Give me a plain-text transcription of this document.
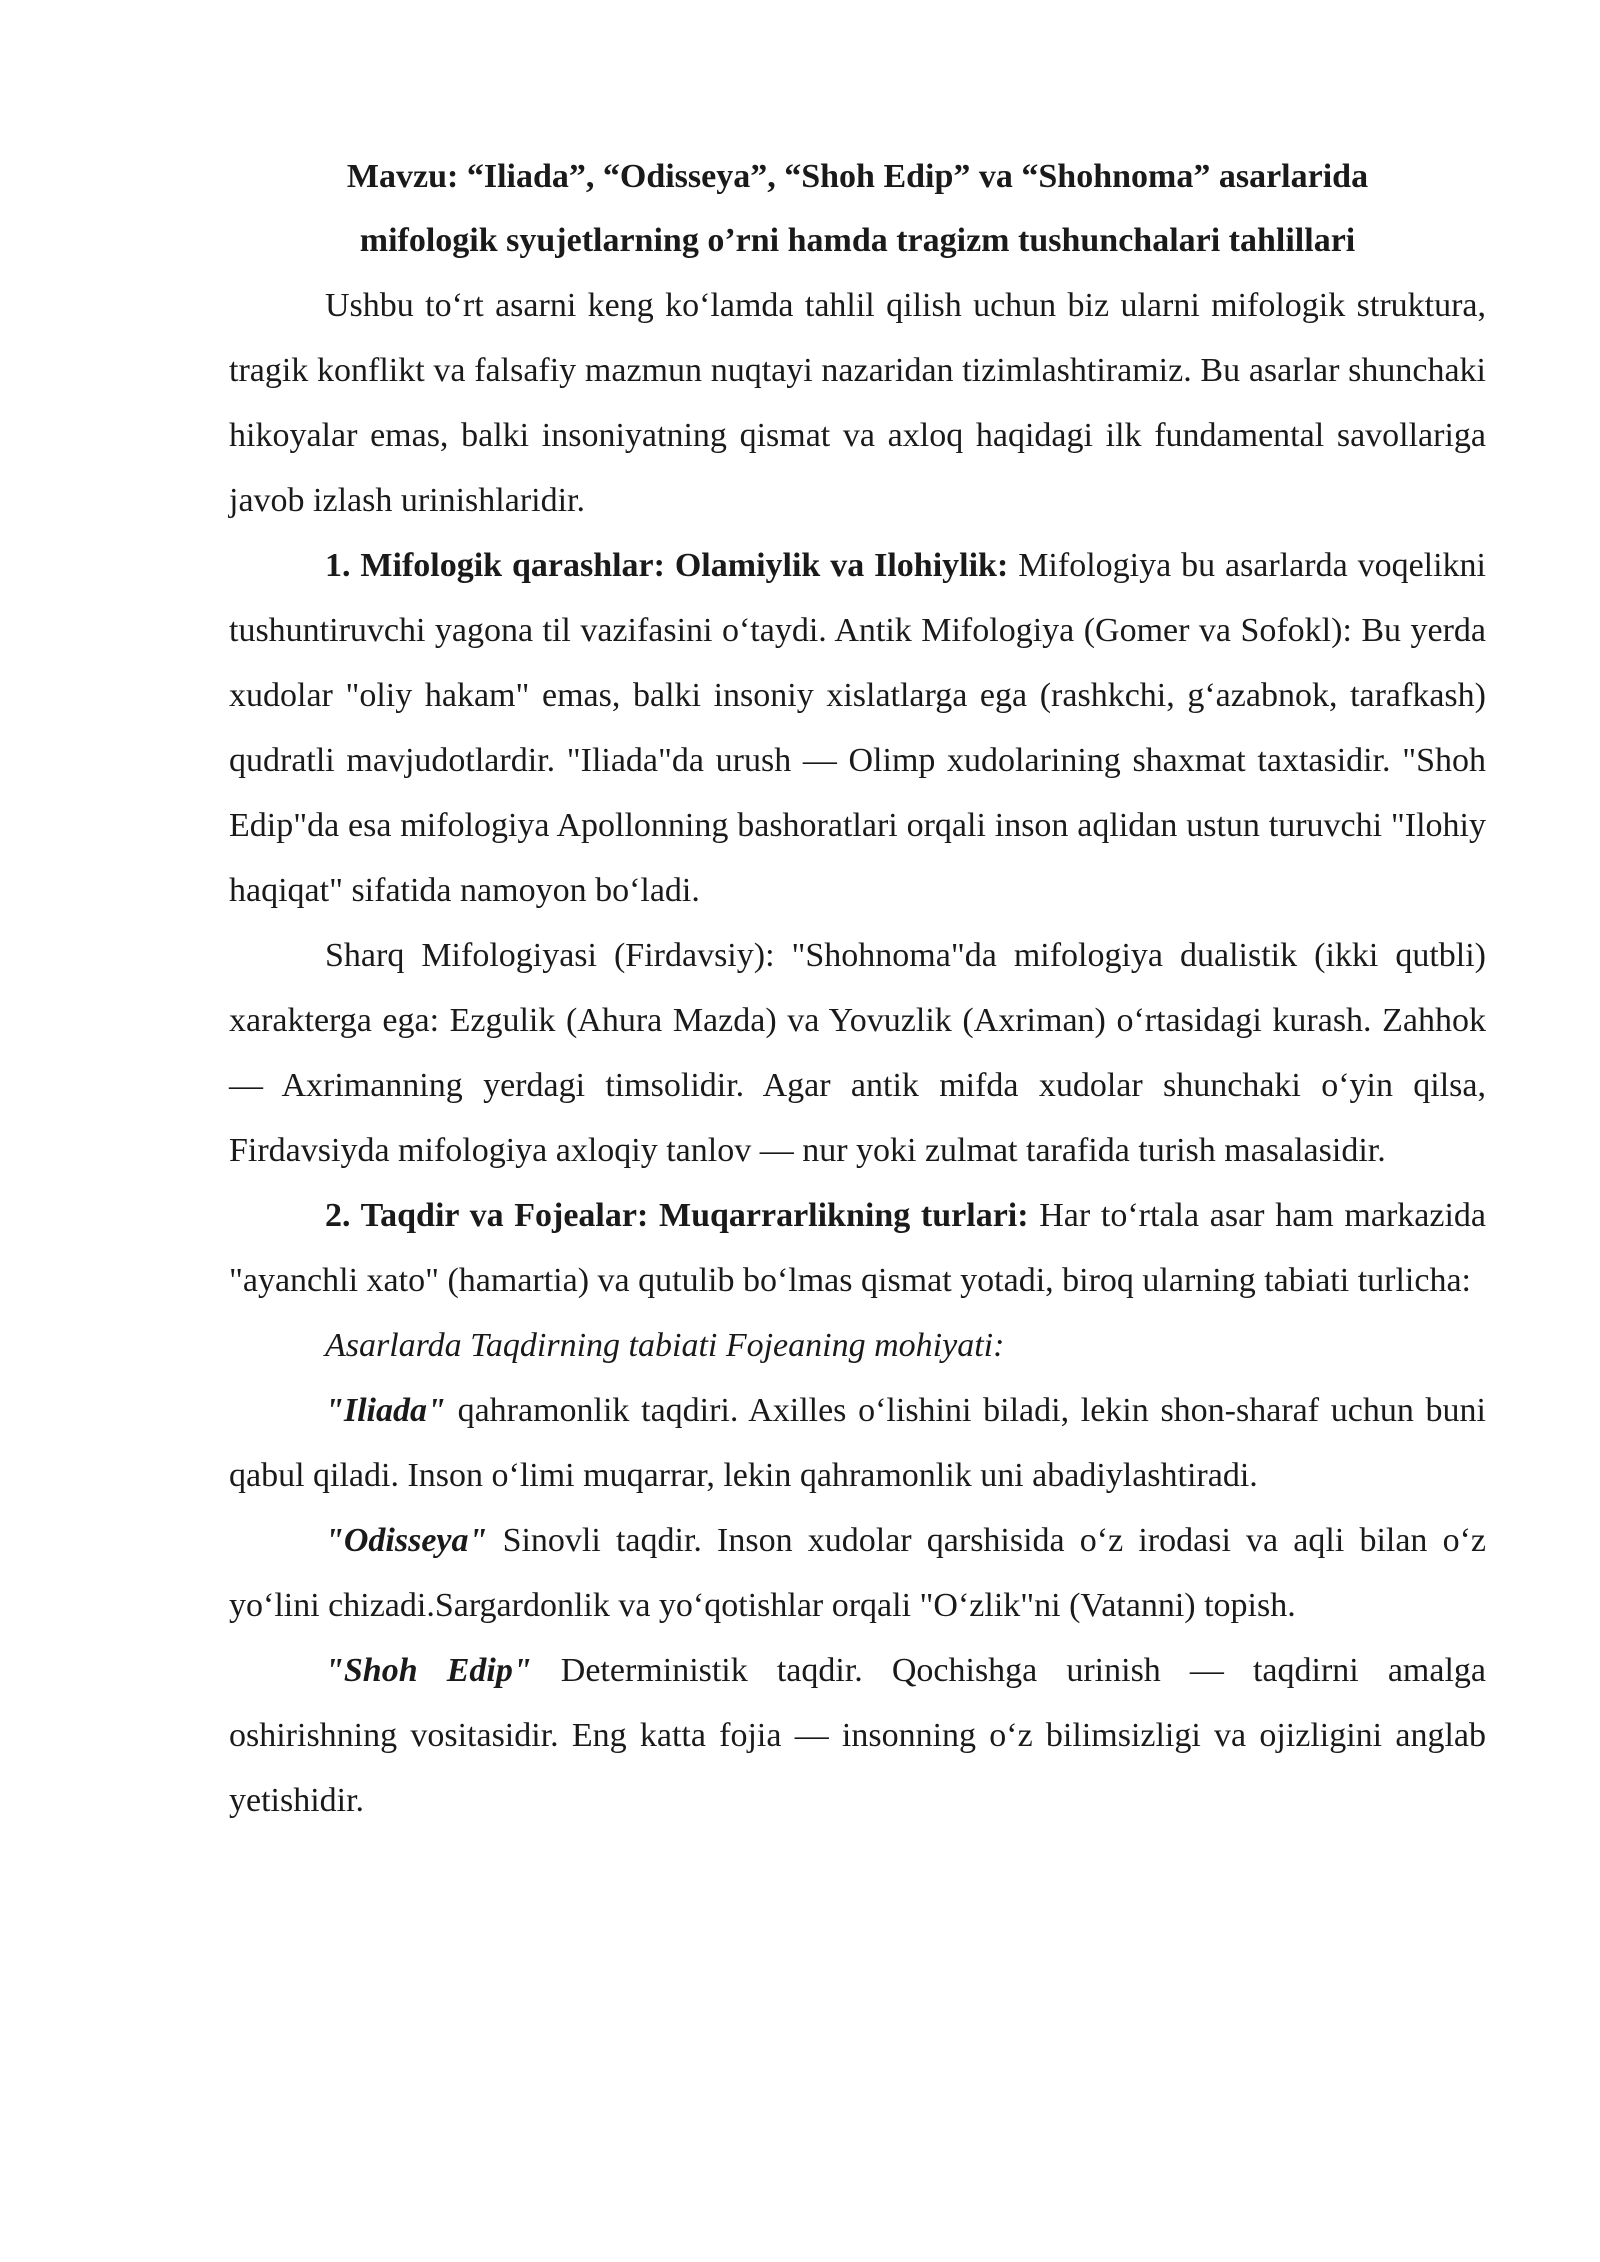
Mavzu: “Iliada”, “Odisseya”, “Shoh Edip” va “Shohnoma” asarlarida
mifologik syujetlarning o’rni hamda tragizm tushunchalari tahlillari

Ushbu to‘rt asarni keng ko‘lamda tahlil qilish uchun biz ularni mifologik struktura, tragik konflikt va falsafiy mazmun nuqtayi nazaridan tizimlashtiramiz. Bu asarlar shunchaki hikoyalar emas, balki insoniyatning qismat va axloq haqidagi ilk fundamental savollariga javob izlash urinishlaridir.

1. Mifologik qarashlar: Olamiylik va Ilohiylik: Mifologiya bu asarlarda voqelikni tushuntiruvchi yagona til vazifasini o‘taydi. Antik Mifologiya (Gomer va Sofokl): Bu yerda xudolar "oliy hakam" emas, balki insoniy xislatlarga ega (rashkchi, g‘azabnok, tarafkash) qudratli mavjudotlardir. "Iliada"da urush — Olimp xudolarining shaxmat taxtasidir. "Shoh Edip"da esa mifologiya Apollonning bashoratlari orqali inson aqlidan ustun turuvchi "Ilohiy haqiqat" sifatida namoyon bo‘ladi.

Sharq Mifologiyasi (Firdavsiy): "Shohnoma"da mifologiya dualistik (ikki qutbli) xarakterga ega: Ezgulik (Ahura Mazda) va Yovuzlik (Axriman) o‘rtasidagi kurash. Zahhok — Axrimanning yerdagi timsolidir. Agar antik mifda xudolar shunchaki o‘yin qilsa, Firdavsiyda mifologiya axloqiy tanlov — nur yoki zulmat tarafida turish masalasidir.

2. Taqdir va Fojealar: Muqarrarlikning turlari: Har to‘rtala asar ham markazida "ayanchli xato" (hamartia) va qutulib bo‘lmas qismat yotadi, biroq ularning tabiati turlicha:

Asarlarda Taqdirning tabiati Fojeaning mohiyati:

"Iliada" qahramonlik taqdiri. Axilles o‘lishini biladi, lekin shon-sharaf uchun buni qabul qiladi. Inson o‘limi muqarrar, lekin qahramonlik uni abadiylashtiradi.

"Odisseya" Sinovli taqdir. Inson xudolar qarshisida o‘z irodasi va aqli bilan o‘z yo‘lini chizadi.Sargardonlik va yo‘qotishlar orqali "O‘zlik"ni (Vatanni) topish.

"Shoh Edip" Deterministik taqdir. Qochishga urinish — taqdirni amalga oshirishning vositasidir. Eng katta fojia — insonning o‘z bilimsizligi va ojizligini anglab yetishidir.
